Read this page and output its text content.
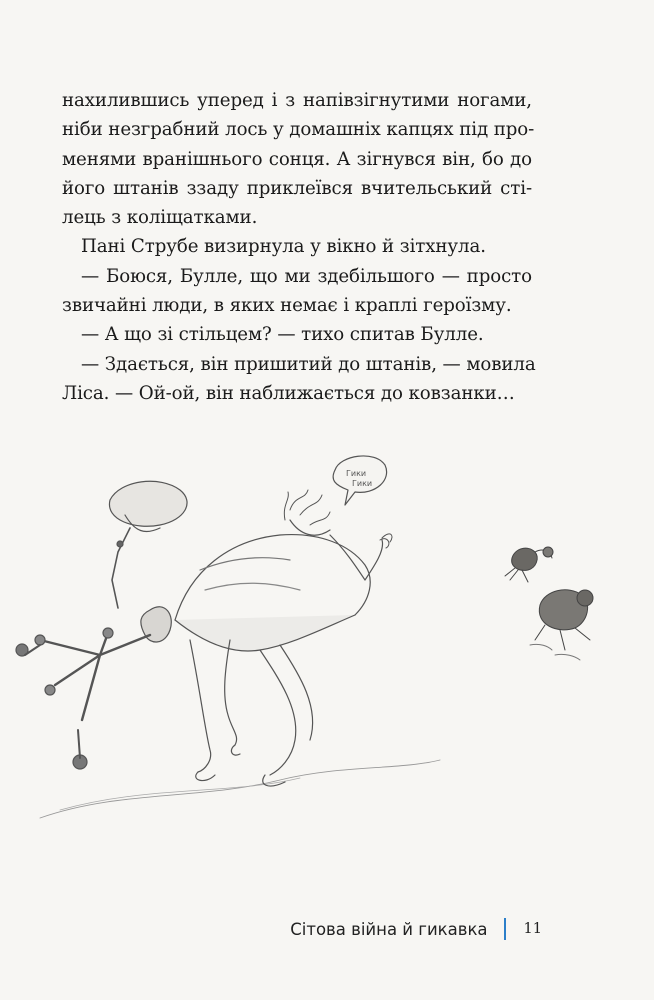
нахилившись уперед і з напівзігнутими ногами,
ніби незграбний лось у домашніх капцях під про-
менями вранішнього сонця. А зігнувся він, бо до
його штанів ззаду приклеївся вчительський сті-
лець з коліщатками.
Пані Струбе визирнула у вікно й зітхнула.
— Боюся, Булле, що ми здебільшого — просто
звичайні люди, в яких немає і краплі героїзму.
— А що зі стільцем? — тихо спитав Булле.
— Здається, він пришитий до штанів, — мовила
Ліса. — Ой-ой, він наближається до ковзанки…
Гики
Гики
Сітова війна й гикавка 11
